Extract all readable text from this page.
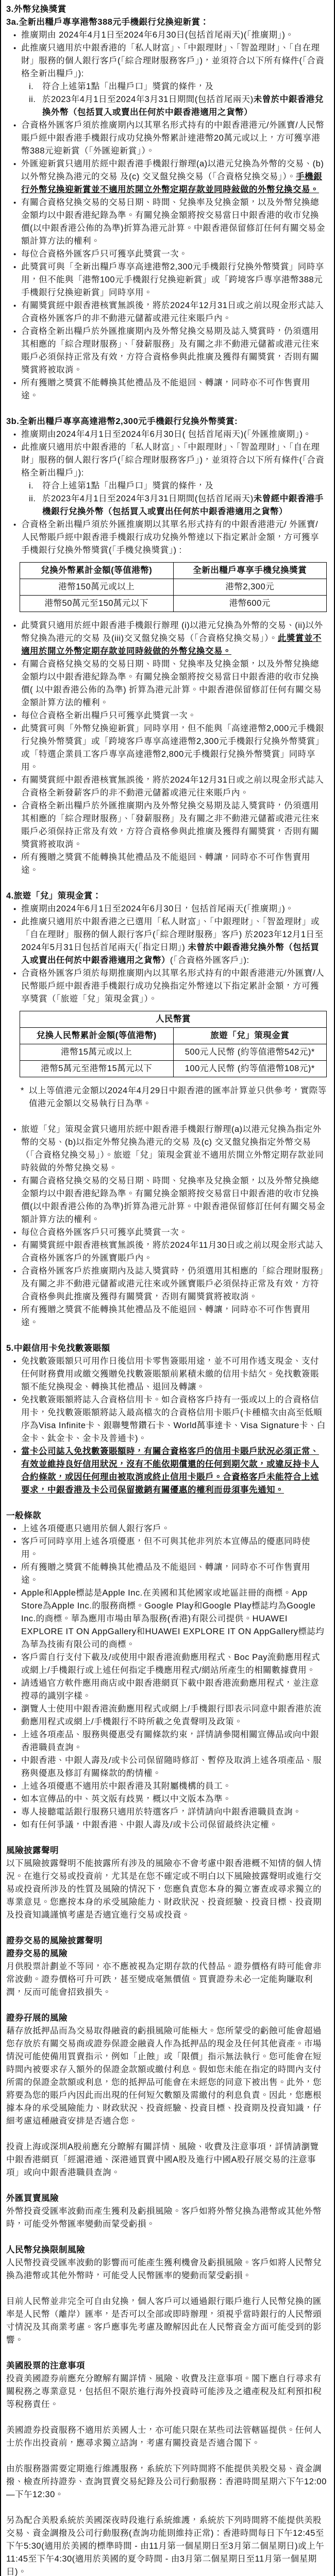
3.外幣兌換獎賞
3a.全新出糧戶專享港幣388元手機銀行兌換迎新賞：
● 推廣期由 2024年4月1日至2024年6月30日(包括首尾兩天)(「推廣期」)。
● 此推廣只適用於中銀香港的「私人財富」、「中銀理財」、「智盈理財」、「自在理財」服務的個人銀行客戶(「綜合理財服務客戶」)，並須符合以下所有條件(「合資格全新出糧戶」):
i.	符合上述第1點「出糧戶口」獎賞的條件，及
ii. 於2023年4月1日至2024年3月31日期間(包括首尾兩天)未曾於中銀香港兌換外幣（包括買入或賣出任何於中銀香港適用之貨幣）
● 合資格外匯客戶須於推廣期內以其單名形式持有的中銀香港港元/外匯寶/人民幣賬戶經中銀香港手機銀行成功兌換外幣累計達港幣20萬元或以上，方可獲享港幣388元迎新賞（「外匯迎新賞」）。
● 外匯迎新賞只適用於經中銀香港手機銀行辦理(a)以港元兌換為外幣的交易、(b)以外幣兌換為港元的交易 及(c) 交叉盤兌換交易（「合資格兌換交易」）。手機銀行外幣兌換迎新賞並不適用於開立外幣定期存款並同時敍做的外幣兌換交易。
● 有關合資格兌換交易的交易日期、時間、兌換率及兌換金額，以及外幣兌換總金額均以中銀香港紀錄為準。有關兌換金額將按交易當日中銀香港的收市兌換價(以中銀香港公佈的為準)折算為港元計算。中銀香港保留修訂任何有關交易金額計算方法的權利。
● 每位合資格外匯客戶只可獲享此獎賞一次。
● 此獎賞可與「全新出糧戶專享高達港幣2,300元手機銀行兌換外幣獎賞」同時享用，但不能與「港幣100元手機銀行兌換迎新賞」或「跨境客戶專享港幣388元手機銀行兌換迎新賞」同時享用。
● 有關獎賞經中銀香港核實無誤後，將於2024年12月31日或之前以現金形式誌入合資格外匯客戶的非不動港元儲蓄或港元往來賬戶內。
● 合資格全新出糧戶於外匯推廣期內及外幣兌換交易期及誌入獎賞時，仍須選用其相應的「綜合理財服務」、「發薪服務」及有關之非不動港元儲蓄或港元往來賬戶必須保持正常及有效，方符合資格參與此推廣及獲得有關獎賞，否則有關獎賞將被取消。
● 所有獲贈之獎賞不能轉換其他禮品及不能退回、轉讓，同時亦不可作售賣用途。
3b.全新出糧戶專享高達港幣2,300元手機銀行兌換外幣獎賞:
● 推廣期由2024年4月1日至2024年6月30日( 包括首尾兩天)(「外匯推廣期」)。
● 此推廣只適用於中銀香港的「私人財富」、「中銀理財」、「智盈理財」、「自在理財」服務的個人銀行客戶(「綜合理財服務客戶」)，並須符合以下所有條件(「合資格全新出糧戶」):
i.	符合上述第1點「出糧戶口」獎賞的條件，及
ii. 於2023年4月1日至2024年3月31日期間(包括首尾兩天)未曾經中銀香港手機銀行兌換外幣（包括買入或賣出任何於中銀香港適用之貨幣）
● 合資格全新出糧戶須於外匯推廣期以其單名形式持有的中銀香港港元/ 外匯寶/ 人民幣賬戶經中銀香港手機銀行成功兌換外幣達以下指定累計金額，方可獲享手機銀行兌換外幣獎賞(「手機兌換獎賞」) :
兌換外幣累計金額(等值港幣)	全新出糧戶專享手機兌換獎賞
港幣150萬元或以上	港幣2,300元
港幣50萬元至150萬元以下	港幣600元
● 此獎賞只適用於經中銀香港手機銀行辦理 (i)以港元兌換為外幣的交易、(ii)以外幣兌換為港元的交易 及(iii)交叉盤兌換交易（「合資格兌換交易」）。此獎賞並不適用於開立外幣定期存款並同時敍做的外幣兌換交易。
● 有關合資格兌換交易的交易日期、時間、兌換率及兌換金額，以及外幣兌換總金額均以中銀香港紀錄為準。有關兌換金額將按交易當日中銀香港的收市兌換價( 以中銀香港公佈的為準) 折算為港元計算。中銀香港保留修訂任何有關交易金額計算方法的權利。
● 每位合資格全新出糧戶只可獲享此獎賞一次。
● 此獎賞可與「外幣兌換迎新賞」同時享用，但不能與「高達港幣2,000元手機銀行兌換外幣獎賞」或「跨境客戶專享高達港幣2,300元手機銀行兌換外幣獎賞」或「特選企業員工客戶專享高達港幣2,800元手機銀行兌換外幣獎賞」同時享用。
● 有關獎賞經中銀香港核實無誤後，將於2024年12月31日或之前以現金形式誌入合資格全新發薪客戶的非不動港元儲蓄或港元往來賬戶內。
● 合資格全新出糧戶於外匯推廣期內及外幣兌換交易期及誌入獎賞時，仍須選用其相應的「綜合理財服務」、「發薪服務」及有關之非不動港元儲蓄或港元往來賬戶必須保持正常及有效，方符合資格參與此推廣及獲得有關獎賞，否則有關獎賞將被取消。
● 所有獲贈之獎賞不能轉換其他禮品及不能退回、轉讓，同時亦不可作售賣用途。
4.旅遊「兌」策現金賞：
● 推廣期由2024年6月1日至2024年6月30日，包括首尾兩天(「推廣期」)。
● 此推廣只適用於中銀香港之已選用「私人財富」、「中銀理財」、「智盈理財」或「自在理財」服務的個人銀行客戶(「綜合理財服務」客戶) 於2023年12月1日至2024年5月31日包括首尾兩天(「指定日期」) 未曾於中銀香港兌換外幣（包括買入或賣出任何於中銀香港適用之貨幣）(「合資格外匯客戶」):
● 合資格外匯客戶須於每期推廣期內以其單名形式持有的中銀香港港元/外匯寶/人民幣賬戶經中銀香港手機銀行成功兌換指定外幣達以下指定累計金額，方可獲享獎賞（「旅遊「兌」策現金賞」）。
人民幣賞	
兌換人民幣累計金額(等值港幣)	旅遊「兌」策現金賞
港幣15萬元或以上	500元人民幣 (約等值港幣542元)*
港幣5萬元至港幣15萬元以下	100元人民幣 (約等值港幣108元)*
* 以上等值港元金額以2024年4月29日中銀香港的匯率計算並只供參考，實際等值港元金額以交易執行日為準。
● 旅遊「兌」策現金賞只適用於經中銀香港手機銀行辦理(a)以港元兌換為指定外幣的交易、(b)以指定外幣兌換為港元的交易 及(c) 交叉盤兌換指定外幣交易（「合資格兌換交易」）。旅遊「兌」策現金賞並不適用於開立外幣定期存款並同時敍做的外幣兌換交易。
● 有關合資格兌換交易的交易日期、時間、兌換率及兌換金額，以及外幣兌換總金額均以中銀香港紀錄為準。有關兌換金額將按交易當日中銀香港的收市兌換價(以中銀香港公佈的為準)折算為港元計算。中銀香港保留修訂任何有關交易金額計算方法的權利。
● 每位合資格外匯客戶只可獲享此獎賞一次。
● 有關獎賞經中銀香港核實無誤後，將於2024年11月30日或之前以現金形式誌入合資格外匯客戶的外匯寶賬戶內。
● 合資格外匯客戶於推廣期內及誌入獎賞時，仍須選用其相應的「綜合理財服務」及有關之非不動港元儲蓄或港元往來或外匯寶賬戶必須保持正常及有效，方符合資格參與此推廣及獲得有關獎賞，否則有關獎賞將被取消。
● 所有獲贈之獎賞不能轉換其他禮品及不能退回、轉讓，同時亦不可作售賣用途。
5.中銀信用卡免找數簽賬額
● 免找數簽賬額只可用作日後信用卡零售簽賬用途，並不可用作透支現金、支付任何財務費用或繳交獲贈免找數簽賬額前累積未繳的信用卡結欠。免找數簽賬額不能兌換現金、轉換其他禮品、退回及轉讓。
● 免找數簽賬額將誌入合資格信用卡。如合資格客戶持有一張或以上的合資格信用卡，免找數簽賬額將誌入最高檔次的合資格信用卡賬戶(卡種檔次由高至低順序為Visa Infinite卡、銀聯雙幣鑽石卡、World萬事達卡、Visa Signature卡、白金卡、鈦金卡、金卡及普通卡)。
● 當卡公司誌入免找數簽賬額時，有關合資格客戶的信用卡賬戶狀況必須正常、有效並維持良好信用狀況，沒有不能依期償還的任何到期欠款，或違反持卡人合約條款，或因任何理由被取消或終止信用卡賬戶。合資格客戶未能符合上述要求，中銀香港及卡公司保留撤銷有關優惠的權利而毋須事先通知。
一般條款
● 上述各項優惠只適用於個人銀行客戶。
● 客戶可同時享用上述各項優惠，但不可與其他非列於本宣傳品的優惠同時使用。
● 所有獲贈之獎賞不能轉換其他禮品及不能退回、轉讓，同時亦不可作售賣用途。
● Apple和Apple標誌是Apple Inc.在美國和其他國家或地區註冊的商標。App Store為Apple Inc.的服務商標。Google Play和Google Play標誌均為Google Inc.的商標。華為應用市場由華為服務(香港)有限公司提供。HUAWEI EXPLORE IT ON AppGallery和HUAWEI EXPLORE IT ON AppGallery標誌均為華為技術有限公司的商標。
● 客戶需自行支付下載及/或使用中銀香港流動應用程式、Boc Pay流動應用程式或網上/手機銀行或上述任何指定手機應用程式/網站所產生的相關數據費用。
● 請透過官方軟件應用商店或中銀香港網頁下載中銀香港流動應用程式，並注意搜尋的識別字樣。
● 瀏覽人士使用中銀香港流動應用程式或網上/手機銀行即表示同意中銀香港於流動應用程式或網上/手機銀行不時所載之免責聲明及政策。
● 上述各項產品、服務與優惠受有關條款約束，詳情請參閱相關宣傳品或向中銀香港職員查詢。
● 中銀香港、中銀人壽及/或卡公司保留隨時修訂、暫停及取消上述各項產品、服務與優惠及修訂有關條款的酌情權。
● 上述各項優惠不適用於中銀香港及其附屬機構的員工。
● 如本宣傳品的中、英文版有歧異，概以中文版本為準。
● 專人接聽電話銀行服務只適用於特選客戶，詳情請向中銀香港職員查詢。
● 如有任何爭議，中銀香港、中銀人壽及/或卡公司保留最終決定權。
風險披露聲明
以下風險披露聲明不能披露所有涉及的風險亦不會考慮中銀香港概不知情的個人情況。在進行交易或投資前，尤其是在您不確定或不明白以下風險披露聲明或進行交易或投資所涉及的性質及風險的情況下，您應負責您本身的獨立審查或尋求獨立的專業意見。您應按本身的承受風險能力、財政狀況、投資經驗、投資目標、投資期及投資知識謹慎考慮是否適宜進行交易或投資。
證券交易的風險披露聲明
證券交易的風險
月供股票計劃並不等同，亦不應被視為定期存款的代替品。證券價格有時可能會非常波動。證券價格可升可跌，甚至變成毫無價值。買賣證券未必一定能夠賺取利潤，反而可能會招致損失。
證券孖展的風險
藉存放抵押品而為交易取得融資的虧損風險可能極大。您所蒙受的虧蝕可能會超過您存放於有關交易商或證券保證金融資人作為抵押品的現金及任何其他資產。市場情況可能使備用買賣指示，例如「止蝕」或「限價」指示無法執行。您可能會在短時間內被要求存入額外的保證金款額或繳付利息。假如您未能在指定的時間內支付所需的保證金款額或利息，您的抵押品可能會在未經您的同意下被出售。此外，您將要為您的賬戶內因此而出現的任何短欠數額及需繳付的利息負責。因此，您應根據本身的承受風險能力、財政狀況、投資經驗、投資目標、投資期及投資知識，仔細考慮這種融資安排是否適合您。
投資上海或深圳A股前應充分瞭解有關詳情、風險、收費及注意事項，詳情請瀏覽中銀香港網頁「經滬港通、深港通買賣中國A股及進行中國A股孖展交易的注意事項」或向中銀香港職員查詢。
外匯買賣風險
外幣投資受匯率波動而產生獲利及虧損風險。客戶如將外幣兌換為港幣或其他外幣時，可能受外幣匯率變動而蒙受虧損。
人民幣兌換限制風險
人民幣投資受匯率波動的影響而可能產生獲利機會及虧損風險。客戶如將人民幣兌換為港幣或其他外幣時，可能受人民幣匯率的變動而蒙受虧損。
目前人民幣並非完全可自由兌換，個人客戶可以通過銀行賬戶進行人民幣兌換的匯率是人民幣（離岸）匯率，是否可以全部或即時辦理，須視乎當時銀行的人民幣頭寸情況及其商業考慮。客戶應事先考慮及瞭解因此在人民幣資金方面可能受到的影響。
美國股票的注意事項
投資美國證券前應充分瞭解有關詳情、風險、收費及注意事項。閣下應自行尋求有關稅務之專業意見，包括但不限於進行海外投資時可能涉及之遺產稅及紅利預扣稅等稅務責任。
美國證券投資服務不適用於美國人士，亦可能只限在某些司法管轄區提供。任何人士於作出投資前，應尋求獨立諮詢，考慮有關投資是否適合閣下。
由於服務器需要定期進行維護服務，系統於下列時間將不能提供美股交易、資金調撥、檢查所持證券、查詢買賣交易紀錄及公司行動服務：香港時間星期六下午12:00—下午12:30。
另為配合美股系統於美國深夜時段進行系統維護，系統於下列時間將不能提供美股交易、資金調撥及公司行動服務(查詢功能則維持正常)：香港時間每日下午12:45至下午5:30(適用於美國的標準時間 - 由11月第一個星期日至3月第二個星期日)或上午11:45至下午4:30(適用於美國的夏令時間 - 由3月第二個星期日至11月第一個星期日)。
